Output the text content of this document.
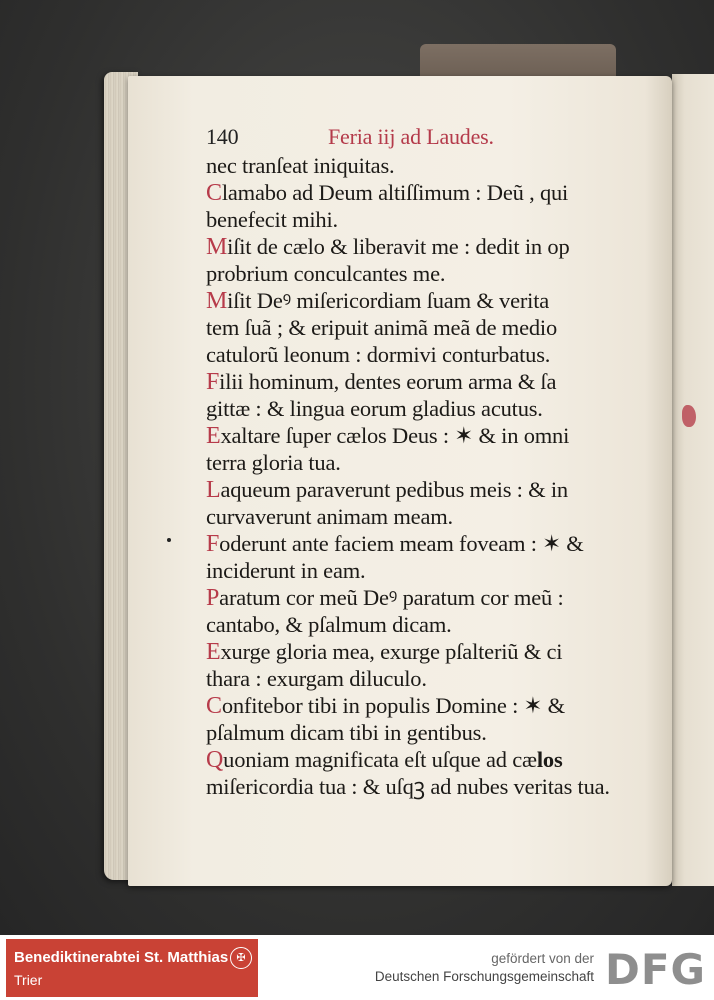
140	Feria iij ad Laudes.
nec tranſeat iniquitas.
Clamabo ad Deum altiſſimum : Deũ , qui
benefecit mihi.
Miſit de cælo & liberavit me : dedit in op
probrium conculcantes me.
Miſit Deꝰ miſericordiam ſuam & verita
tem ſuã ; & eripuit animã meã de medio
catulorũ leonum : dormivi conturbatus.
Filii hominum, dentes eorum arma & ſa
gittæ : & lingua eorum gladius acutus.
Exaltare ſuper cælos Deus : ✶ & in omni
terra gloria tua.
Laqueum paraverunt pedibus meis : & in
curvaverunt animam meam.
Foderunt ante faciem meam foveam : ✶ &
inciderunt in eam.
Paratum cor meũ Deꝰ paratum cor meũ :
cantabo, & pſalmum dicam.
Exurge gloria mea, exurge pſalteriũ & ci
thara : exurgam diluculo.
Confitebor tibi in populis Domine : ✶ &
pſalmum dicam tibi in gentibus.
Quoniam magnificata eſt uſque ad cælos
miſericordia tua : & uſqꝫ ad nubes veritas tua.
Benediktinerabtei St. Matthias
Trier
✠	gefördert von der
Deutschen Forschungsgemeinschaft DFG
